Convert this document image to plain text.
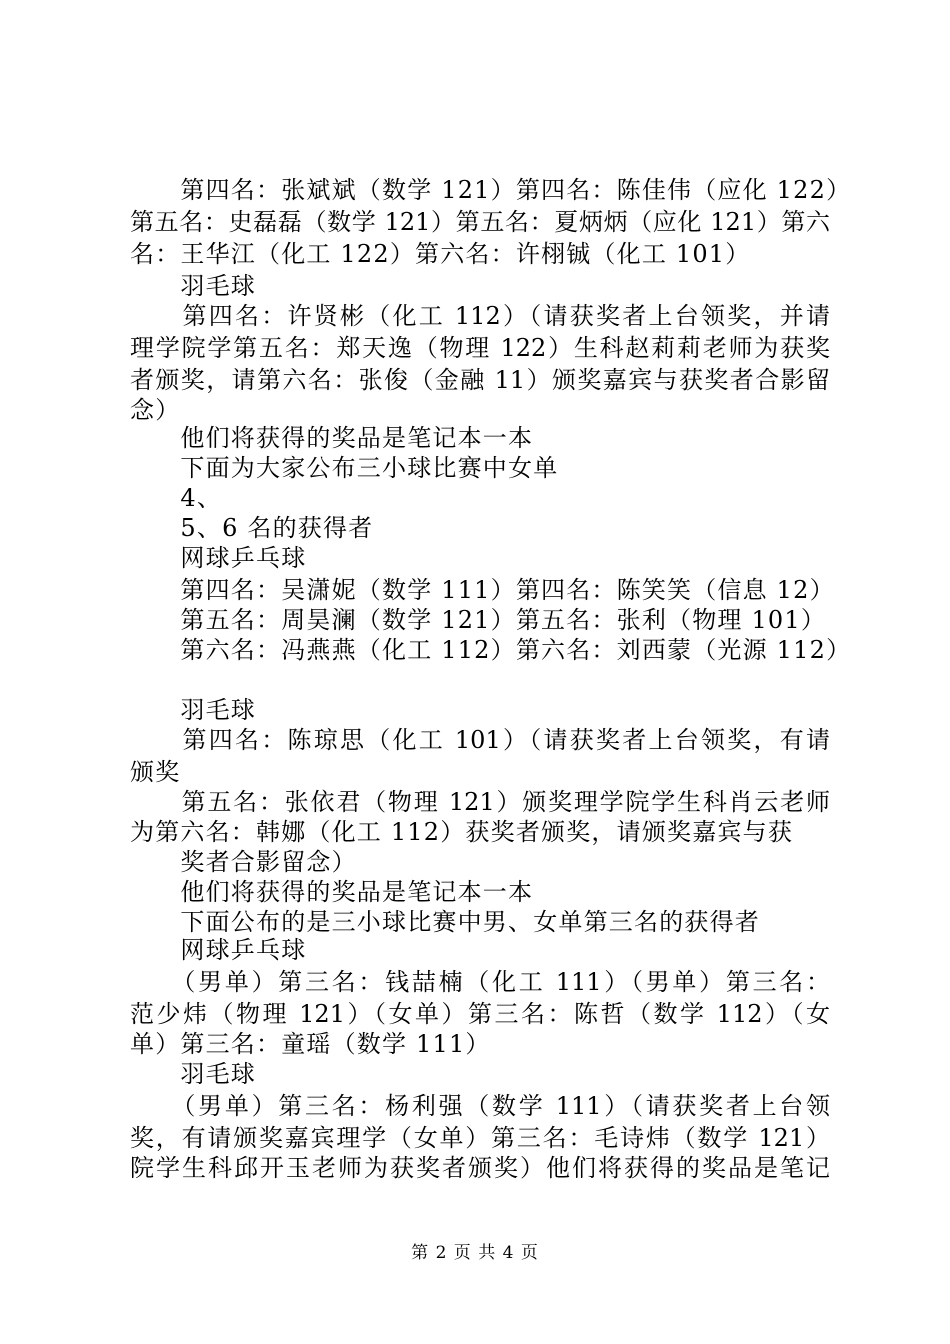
　　第四名：张斌斌（数学 121）第四名：陈佳伟（应化 122）
第五名：史磊磊（数学 121）第五名：夏炳炳（应化 121）第六
名：王华江（化工 122）第六名：许栩铖（化工 101）
　　羽毛球
　　第四名：许贤彬（化工 112）（请获奖者上台领奖，并请
理学院学第五名：郑天逸（物理 122）生科赵莉莉老师为获奖
者颁奖，请第六名：张俊（金融 11）颁奖嘉宾与获奖者合影留
念）
　　他们将获得的奖品是笔记本一本
　　下面为大家公布三小球比赛中女单
　　4、
　　5、6 名的获得者
　　网球乒乓球
　　第四名：吴潇妮（数学 111）第四名：陈笑笑（信息 12）
　　第五名：周昊澜（数学 121）第五名：张利（物理 101）
　　第六名：冯燕燕（化工 112）第六名：刘西蒙（光源 112）
　　羽毛球
　　第四名：陈琼思（化工 101）（请获奖者上台领奖，有请
颁奖
　　第五名：张依君（物理 121）颁奖理学院学生科肖云老师
为第六名：韩娜（化工 112）获奖者颁奖，请颁奖嘉宾与获
　　奖者合影留念）
　　他们将获得的奖品是笔记本一本
　　下面公布的是三小球比赛中男、女单第三名的获得者
　　网球乒乓球
　　（男单）第三名：钱喆楠（化工 111）（男单）第三名：
范少炜（物理 121）（女单）第三名：陈哲（数学 112）（女
单）第三名：童瑶（数学 111）
　　羽毛球
　　（男单）第三名：杨利强（数学 111）（请获奖者上台领
奖，有请颁奖嘉宾理学（女单）第三名：毛诗炜（数学 121）
院学生科邱开玉老师为获奖者颁奖）他们将获得的奖品是笔记
第 2 页 共 4 页
